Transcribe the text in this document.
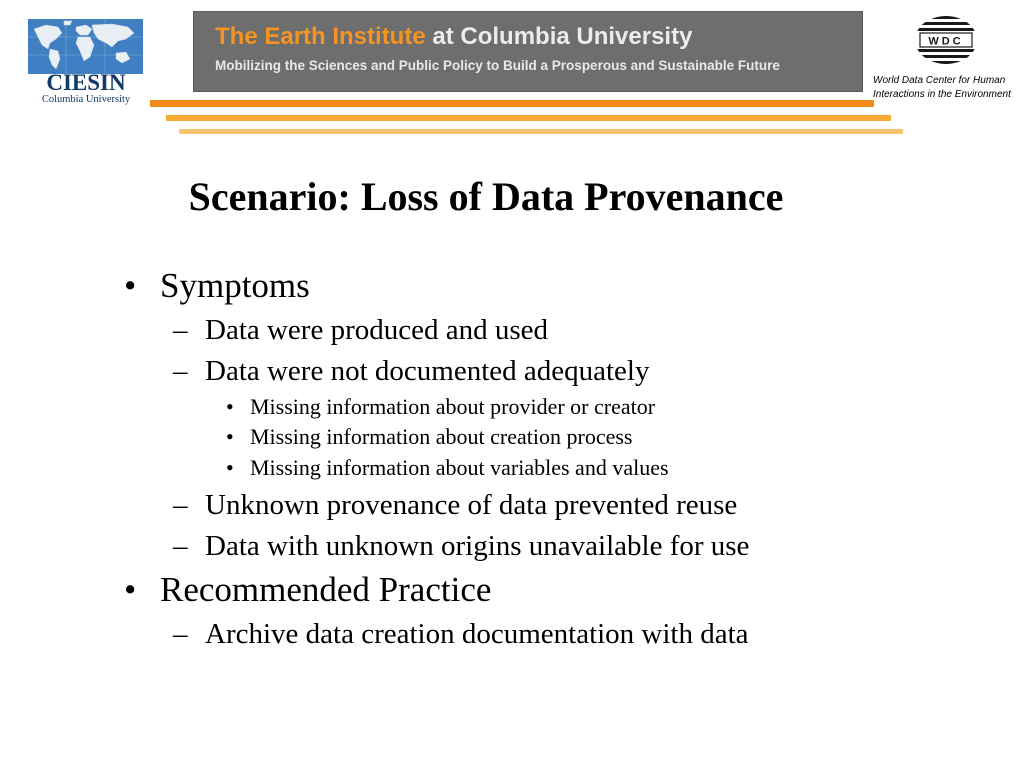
CIESIN
Columbia University
The Earth Institute at Columbia University
Mobilizing the Sciences and Public Policy to Build a Prosperous and Sustainable Future
WDC
World Data Center for Human
Interactions in the Environment
Scenario: Loss of Data Provenance
• Symptoms
– Data were produced and used
– Data were not documented adequately
• Missing information about provider or creator
• Missing information about creation process
• Missing information about variables and values
– Unknown provenance of data prevented reuse
– Data with unknown origins unavailable for use
• Recommended Practice
– Archive data creation documentation with data
